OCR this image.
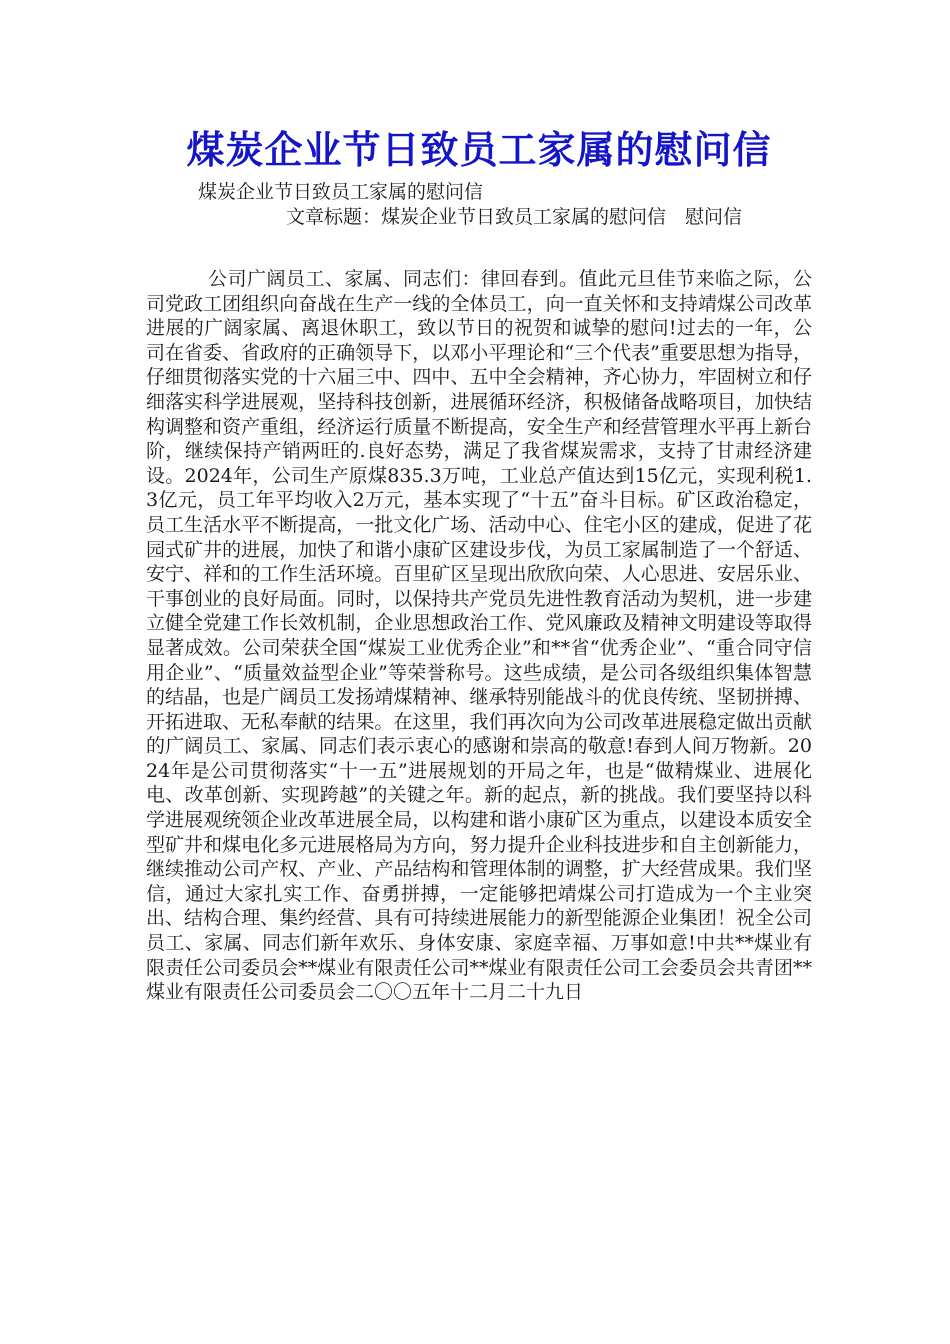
煤炭企业节日致员工家属的慰问信

煤炭企业节日致员工家属的慰问信

文章标题：煤炭企业节日致员工家属的慰问信　慰问信

公司广阔员工、家属、同志们：律回春到。值此元旦佳节来临之际，公司党政工团组织向奋战在生产一线的全体员工，向一直关怀和支持靖煤公司改革进展的广阔家属、离退休职工，致以节日的祝贺和诚挚的慰问!过去的一年，公司在省委、省政府的正确领导下，以邓小平理论和“三个代表”重要思想为指导，仔细贯彻落实党的十六届三中、四中、五中全会精神，齐心协力，牢固树立和仔细落实科学进展观，坚持科技创新，进展循环经济，积极储备战略项目，加快结构调整和资产重组，经济运行质量不断提高，安全生产和经营管理水平再上新台阶，继续保持产销两旺的.良好态势，满足了我省煤炭需求，支持了甘肃经济建设。2024年，公司生产原煤835.3万吨，工业总产值达到15亿元，实现利税1.3亿元，员工年平均收入2万元，基本实现了“十五”奋斗目标。矿区政治稳定，员工生活水平不断提高，一批文化广场、活动中心、住宅小区的建成，促进了花园式矿井的进展，加快了和谐小康矿区建设步伐，为员工家属制造了一个舒适、安宁、祥和的工作生活环境。百里矿区呈现出欣欣向荣、人心思进、安居乐业、干事创业的良好局面。同时，以保持共产党员先进性教育活动为契机，进一步建立健全党建工作长效机制，企业思想政治工作、党风廉政及精神文明建设等取得显著成效。公司荣获全国“煤炭工业优秀企业”和**省“优秀企业”、“重合同守信用企业”、“质量效益型企业”等荣誉称号。这些成绩，是公司各级组织集体智慧的结晶，也是广阔员工发扬靖煤精神、继承特别能战斗的优良传统、坚韧拼搏、开拓进取、无私奉献的结果。在这里，我们再次向为公司改革进展稳定做出贡献的广阔员工、家属、同志们表示衷心的感谢和崇高的敬意!春到人间万物新。2024年是公司贯彻落实“十一五”进展规划的开局之年，也是“做精煤业、进展化电、改革创新、实现跨越”的关键之年。新的起点，新的挑战。我们要坚持以科学进展观统领企业改革进展全局，以构建和谐小康矿区为重点，以建设本质安全型矿井和煤电化多元进展格局为方向，努力提升企业科技进步和自主创新能力，继续推动公司产权、产业、产品结构和管理体制的调整，扩大经营成果。我们坚信，通过大家扎实工作、奋勇拼搏，一定能够把靖煤公司打造成为一个主业突出、结构合理、集约经营、具有可持续进展能力的新型能源企业集团！祝全公司员工、家属、同志们新年欢乐、身体安康、家庭幸福、万事如意!中共**煤业有限责任公司委员会**煤业有限责任公司**煤业有限责任公司工会委员会共青团**煤业有限责任公司委员会二〇〇五年十二月二十九日
